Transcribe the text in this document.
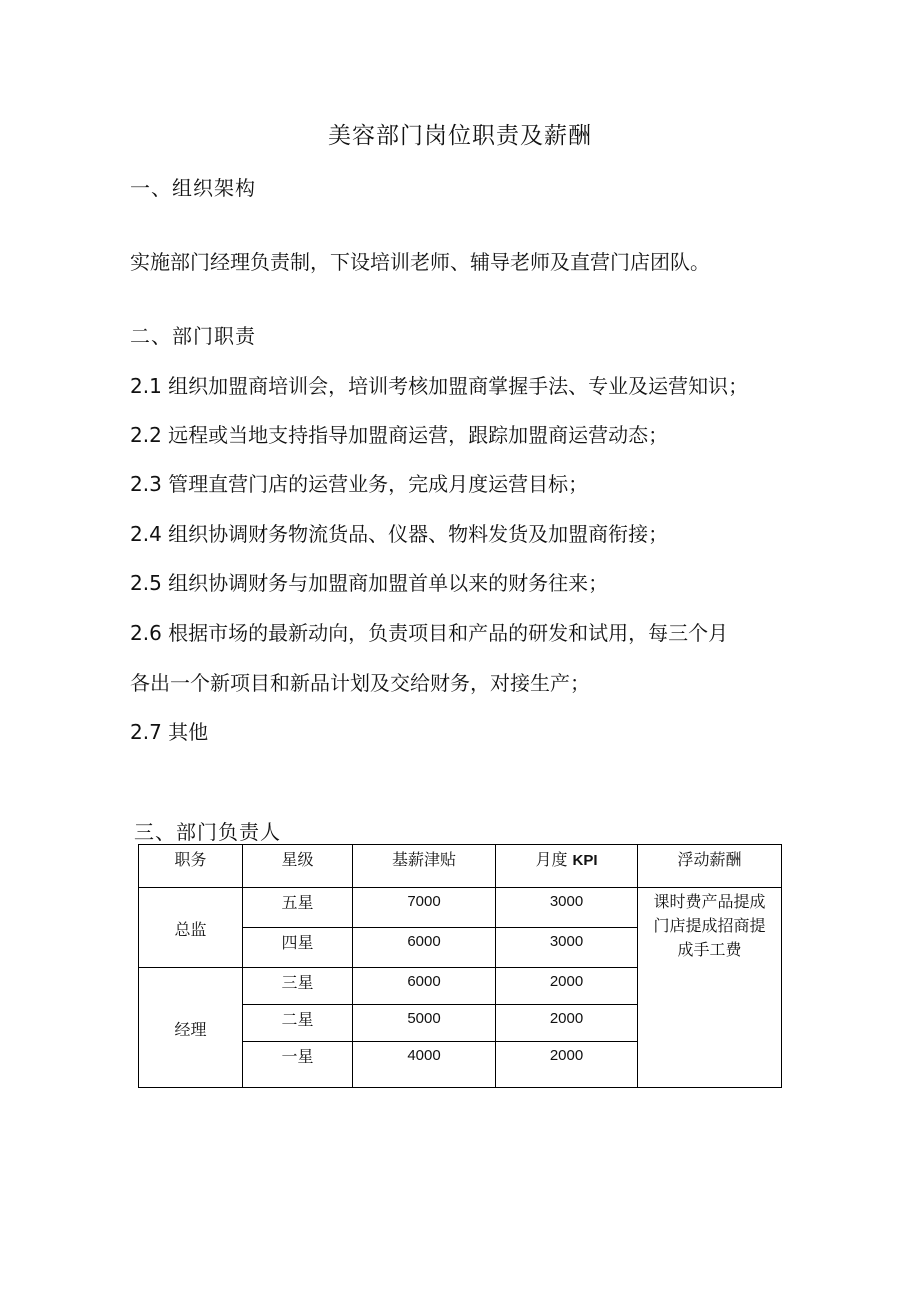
美容部门岗位职责及薪酬
一、组织架构
实施部门经理负责制，下设培训老师、辅导老师及直营门店团队。
二、部门职责
2.1 组织加盟商培训会，培训考核加盟商掌握手法、专业及运营知识；
2.2 远程或当地支持指导加盟商运营，跟踪加盟商运营动态；
2.3 管理直营门店的运营业务，完成月度运营目标；
2.4 组织协调财务物流货品、仪器、物料发货及加盟商衔接；
2.5 组织协调财务与加盟商加盟首单以来的财务往来；
2.6 根据市场的最新动向，负责项目和产品的研发和试用，每三个月
各出一个新项目和新品计划及交给财务，对接生产；
2.7 其他
三、部门负责人
职务	星级	基薪津贴	月度 KPI	浮动薪酬
总监	五星	7000	3000	课时费产品提成
门店提成招商提
成手工费

	四星	6000	3000	
经理	三星	6000	2000	
	二星	5000	2000	
	一星	4000	2000	
